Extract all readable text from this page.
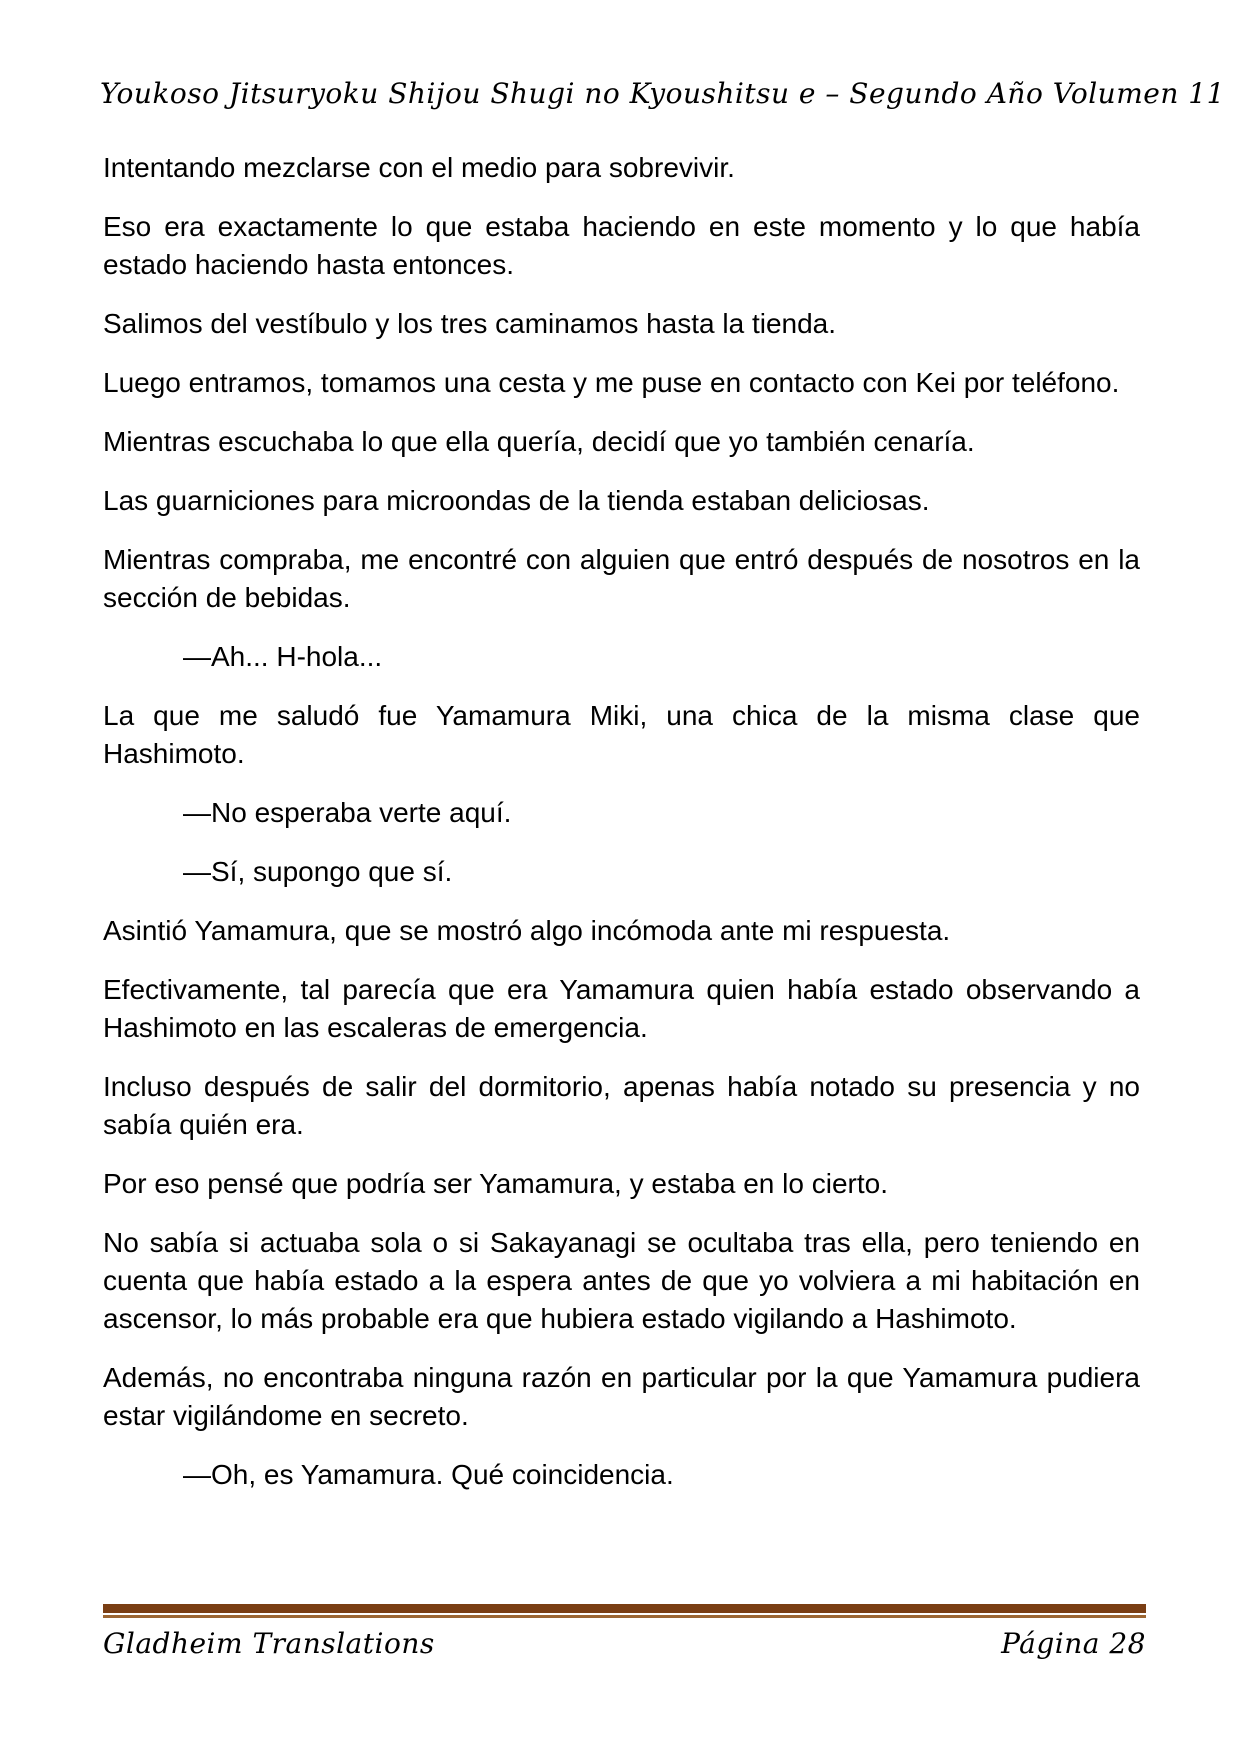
Youkoso Jitsuryoku Shijou Shugi no Kyoushitsu e – Segundo Año Volumen 11

Intentando mezclarse con el medio para sobrevivir.

Eso era exactamente lo que estaba haciendo en este momento y lo que había estado haciendo hasta entonces.

Salimos del vestíbulo y los tres caminamos hasta la tienda.

Luego entramos, tomamos una cesta y me puse en contacto con Kei por teléfono.

Mientras escuchaba lo que ella quería, decidí que yo también cenaría.

Las guarniciones para microondas de la tienda estaban deliciosas.

Mientras compraba, me encontré con alguien que entró después de nosotros en la sección de bebidas.

—Ah... H-hola...

La que me saludó fue Yamamura Miki, una chica de la misma clase que Hashimoto.

—No esperaba verte aquí.

—Sí, supongo que sí.

Asintió Yamamura, que se mostró algo incómoda ante mi respuesta.

Efectivamente, tal parecía que era Yamamura quien había estado observando a Hashimoto en las escaleras de emergencia.

Incluso después de salir del dormitorio, apenas había notado su presencia y no sabía quién era.

Por eso pensé que podría ser Yamamura, y estaba en lo cierto.

No sabía si actuaba sola o si Sakayanagi se ocultaba tras ella, pero teniendo en cuenta que había estado a la espera antes de que yo volviera a mi habitación en ascensor, lo más probable era que hubiera estado vigilando a Hashimoto.

Además, no encontraba ninguna razón en particular por la que Yamamura pudiera estar vigilándome en secreto.

—Oh, es Yamamura. Qué coincidencia.

Gladheim Translations	Página 28
